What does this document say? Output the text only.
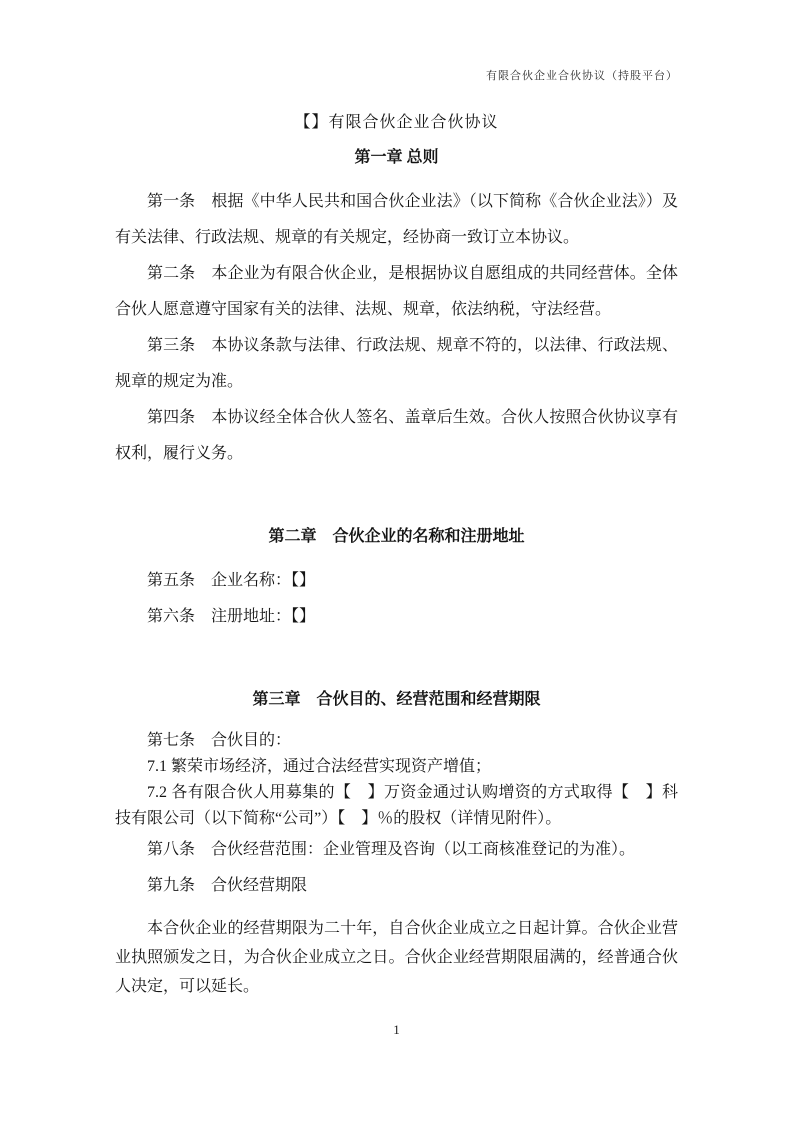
有限合伙企业合伙协议（持股平台）
【】有限合伙企业合伙协议
第一章 总则

第一条　根据《中华人民共和国合伙企业法》（以下简称《合伙企业法》）及有关法律、行政法规、规章的有关规定，经协商一致订立本协议。

第二条　本企业为有限合伙企业，是根据协议自愿组成的共同经营体。全体合伙人愿意遵守国家有关的法律、法规、规章，依法纳税，守法经营。

第三条　本协议条款与法律、行政法规、规章不符的，以法律、行政法规、规章的规定为准。

第四条　本协议经全体合伙人签名、盖章后生效。合伙人按照合伙协议享有权利，履行义务。

第二章　合伙企业的名称和注册地址

第五条　企业名称：【】

第六条　注册地址：【】

第三章　合伙目的、经营范围和经营期限

第七条　合伙目的：

7.1 繁荣市场经济，通过合法经营实现资产增值；

7.2 各有限合伙人用募集的【　】万资金通过认购增资的方式取得【　】科技有限公司（以下简称“公司”）【　】％的股权（详情见附件）。

第八条　合伙经营范围：企业管理及咨询（以工商核准登记的为准）。

第九条　合伙经营期限

本合伙企业的经营期限为二十年，自合伙企业成立之日起计算。合伙企业营业执照颁发之日，为合伙企业成立之日。合伙企业经营期限届满的，经普通合伙人决定，可以延长。

1
